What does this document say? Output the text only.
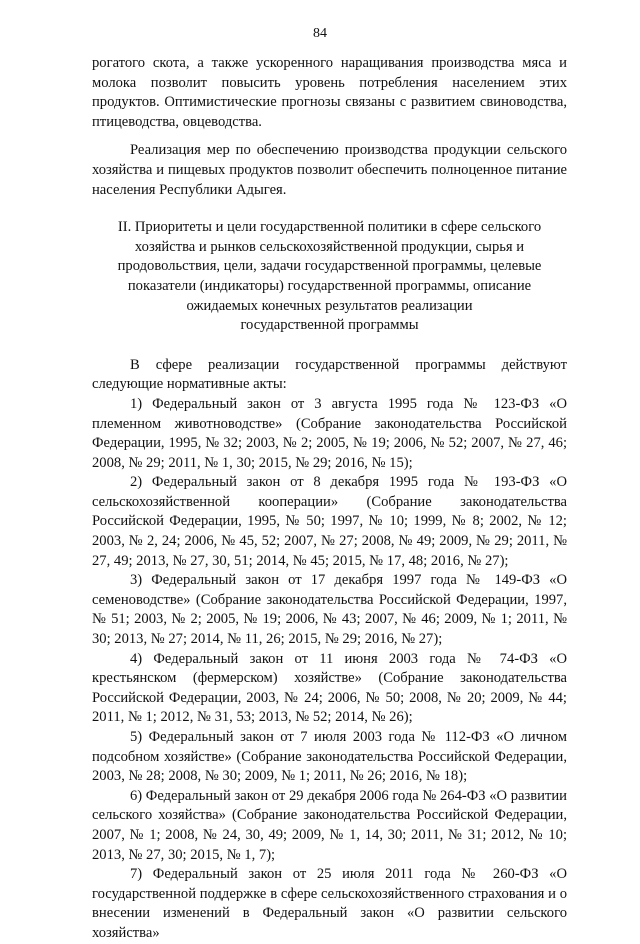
84

рогатого скота, а также ускоренного наращивания производства мяса и молока позволит повысить уровень потребления населением этих продуктов. Оптимистические прогнозы связаны с развитием свиноводства, птицеводства, овцеводства.

Реализация мер по обеспечению производства продукции сельского хозяйства и пищевых продуктов позволит обеспечить полноценное питание населения Республики Адыгея.

II. Приоритеты и цели государственной политики в сфере сельского
хозяйства и рынков сельскохозяйственной продукции, сырья и
продовольствия, цели, задачи государственной программы, целевые
показатели (индикаторы) государственной программы, описание
ожидаемых конечных результатов реализации
государственной программы

В сфере реализации государственной программы действуют следующие нормативные акты:

1) Федеральный закон от 3 августа 1995 года № 123-ФЗ «О племенном животноводстве» (Собрание законодательства Российской Федерации, 1995, № 32; 2003, № 2; 2005, № 19; 2006, № 52; 2007, № 27, 46; 2008, № 29; 2011, № 1, 30; 2015, № 29; 2016, № 15);

2) Федеральный закон от 8 декабря 1995 года № 193-ФЗ «О сельскохозяйственной кооперации» (Собрание законодательства Российской Федерации, 1995, № 50; 1997, № 10; 1999, № 8; 2002, № 12; 2003, № 2, 24; 2006, № 45, 52; 2007, № 27; 2008, № 49; 2009, № 29; 2011, № 27, 49; 2013, № 27, 30, 51; 2014, № 45; 2015, № 17, 48; 2016, № 27);

3) Федеральный закон от 17 декабря 1997 года № 149-ФЗ «О семеноводстве» (Собрание законодательства Российской Федерации, 1997, № 51; 2003, № 2; 2005, № 19; 2006, № 43; 2007, № 46; 2009, № 1; 2011, № 30; 2013, № 27; 2014, № 11, 26; 2015, № 29; 2016, № 27);

4) Федеральный закон от 11 июня 2003 года № 74-ФЗ «О крестьянском (фермерском) хозяйстве» (Собрание законодательства Российской Федерации, 2003, № 24; 2006, № 50; 2008, № 20; 2009, № 44; 2011, № 1; 2012, № 31, 53; 2013, № 52; 2014, № 26);

5) Федеральный закон от 7 июля 2003 года № 112-ФЗ «О личном подсобном хозяйстве» (Собрание законодательства Российской Федерации, 2003, № 28; 2008, № 30; 2009, № 1; 2011, № 26; 2016, № 18);

6) Федеральный закон от 29 декабря 2006 года № 264-ФЗ «О развитии сельского хозяйства» (Собрание законодательства Российской Федерации, 2007, № 1; 2008, № 24, 30, 49; 2009, № 1, 14, 30; 2011, № 31; 2012, № 10; 2013, № 27, 30; 2015, № 1, 7);

7) Федеральный закон от 25 июля 2011 года № 260-ФЗ «О государственной поддержке в сфере сельскохозяйственного страхования и о внесении изменений в Федеральный закон «О развитии сельского хозяйства»
